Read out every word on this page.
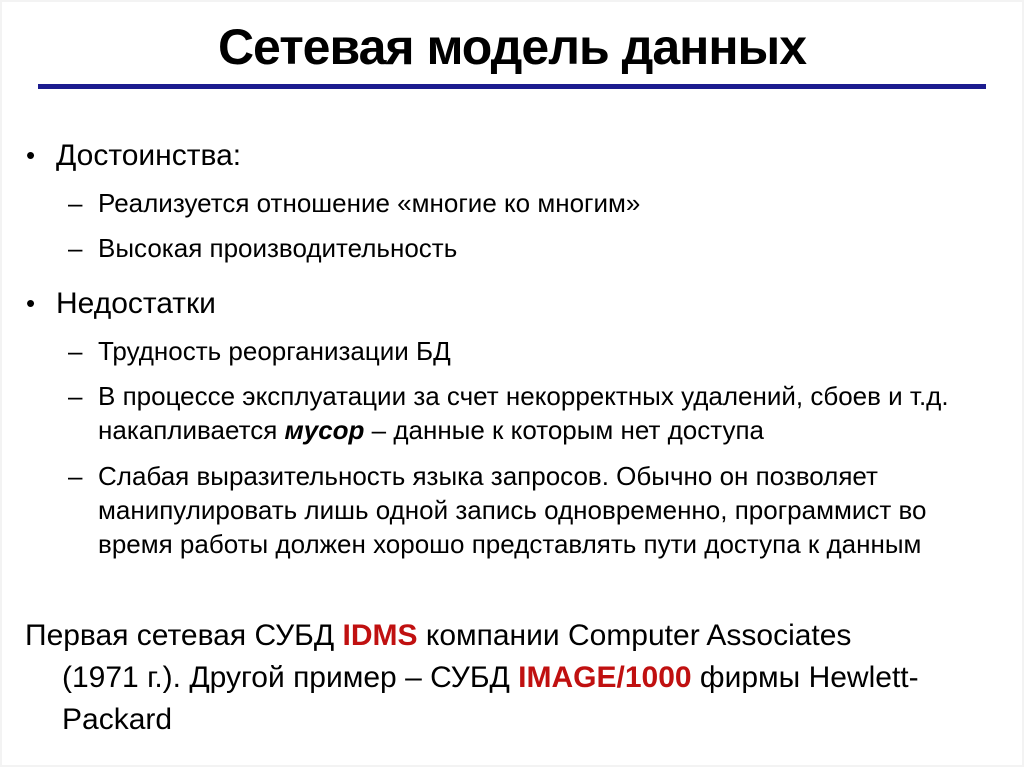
Сетевая модель данных
• Достоинства:
– Реализуется отношение «многие ко многим»
– Высокая производительность
• Недостатки
– Трудность реорганизации БД
– В процессе эксплуатации за счет некорректных удалений, сбоев и т.д. накапливается мусор – данные к которым нет доступа
– Слабая выразительность языка запросов. Обычно он позволяет манипулировать лишь одной запись одновременно, программист во время работы должен хорошо представлять пути доступа к данным

Первая сетевая СУБД IDMS компании Computer Associates (1971 г.). Другой пример – СУБД IMAGE/1000 фирмы Hewlett-Packard
